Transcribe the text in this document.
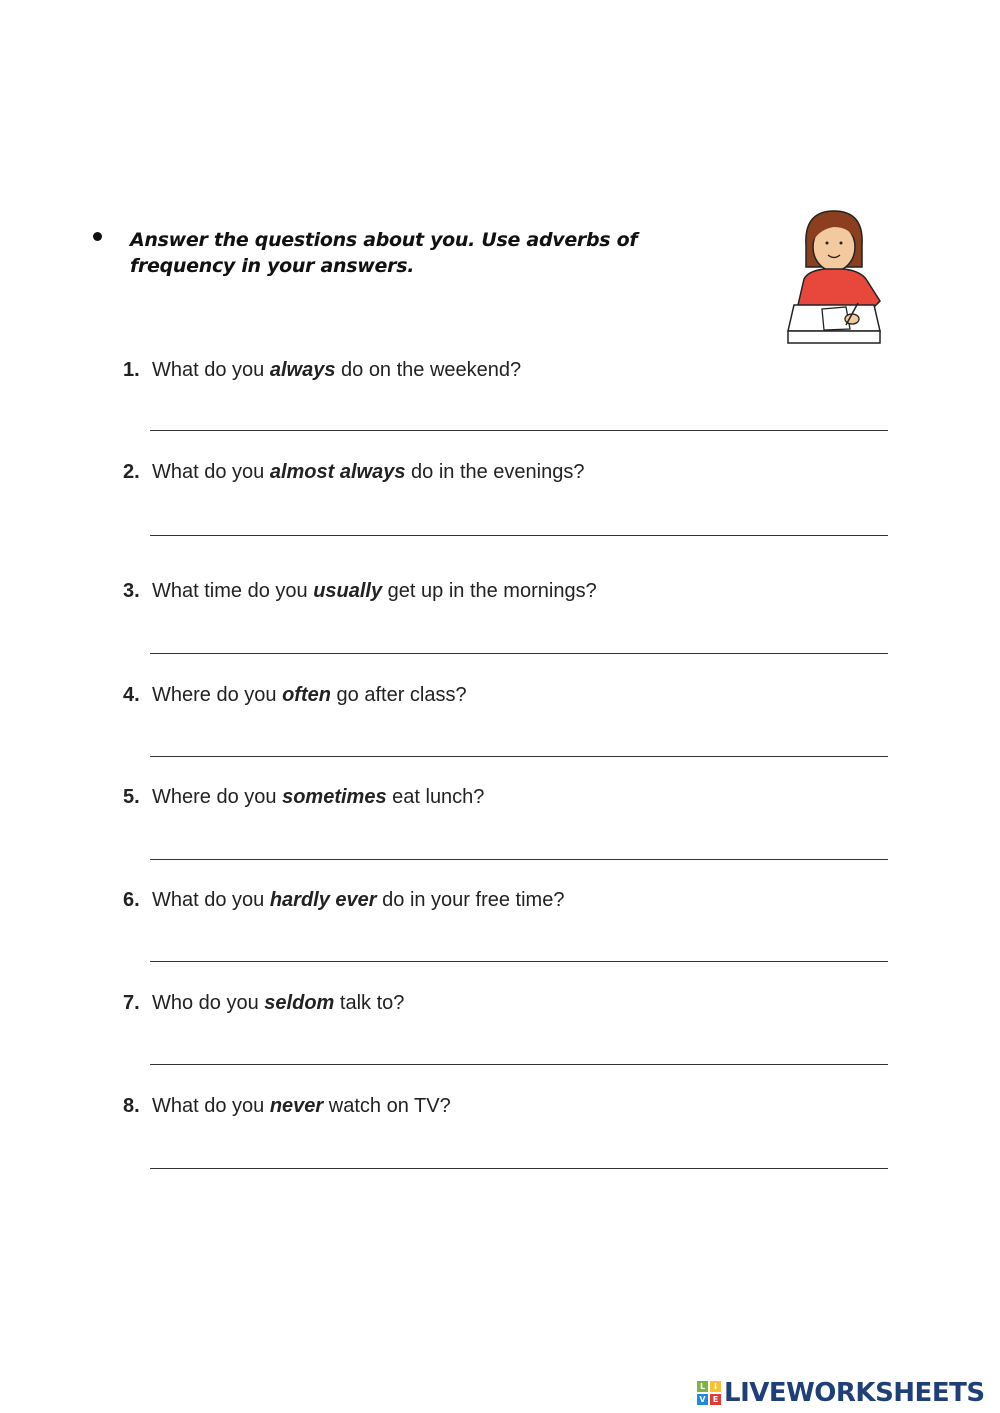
Answer the questions about you. Use adverbs of frequency in your answers.
1. What do you always do on the weekend?
2. What do you almost always do in the evenings?
3. What time do you usually get up in the mornings?
4. Where do you often go after class?
5. Where do you sometimes eat lunch?
6. What do you hardly ever do in your free time?
7. Who do you seldom talk to?
8. What do you never watch on TV?
L	I
V E LIVEWORKSHEETS
